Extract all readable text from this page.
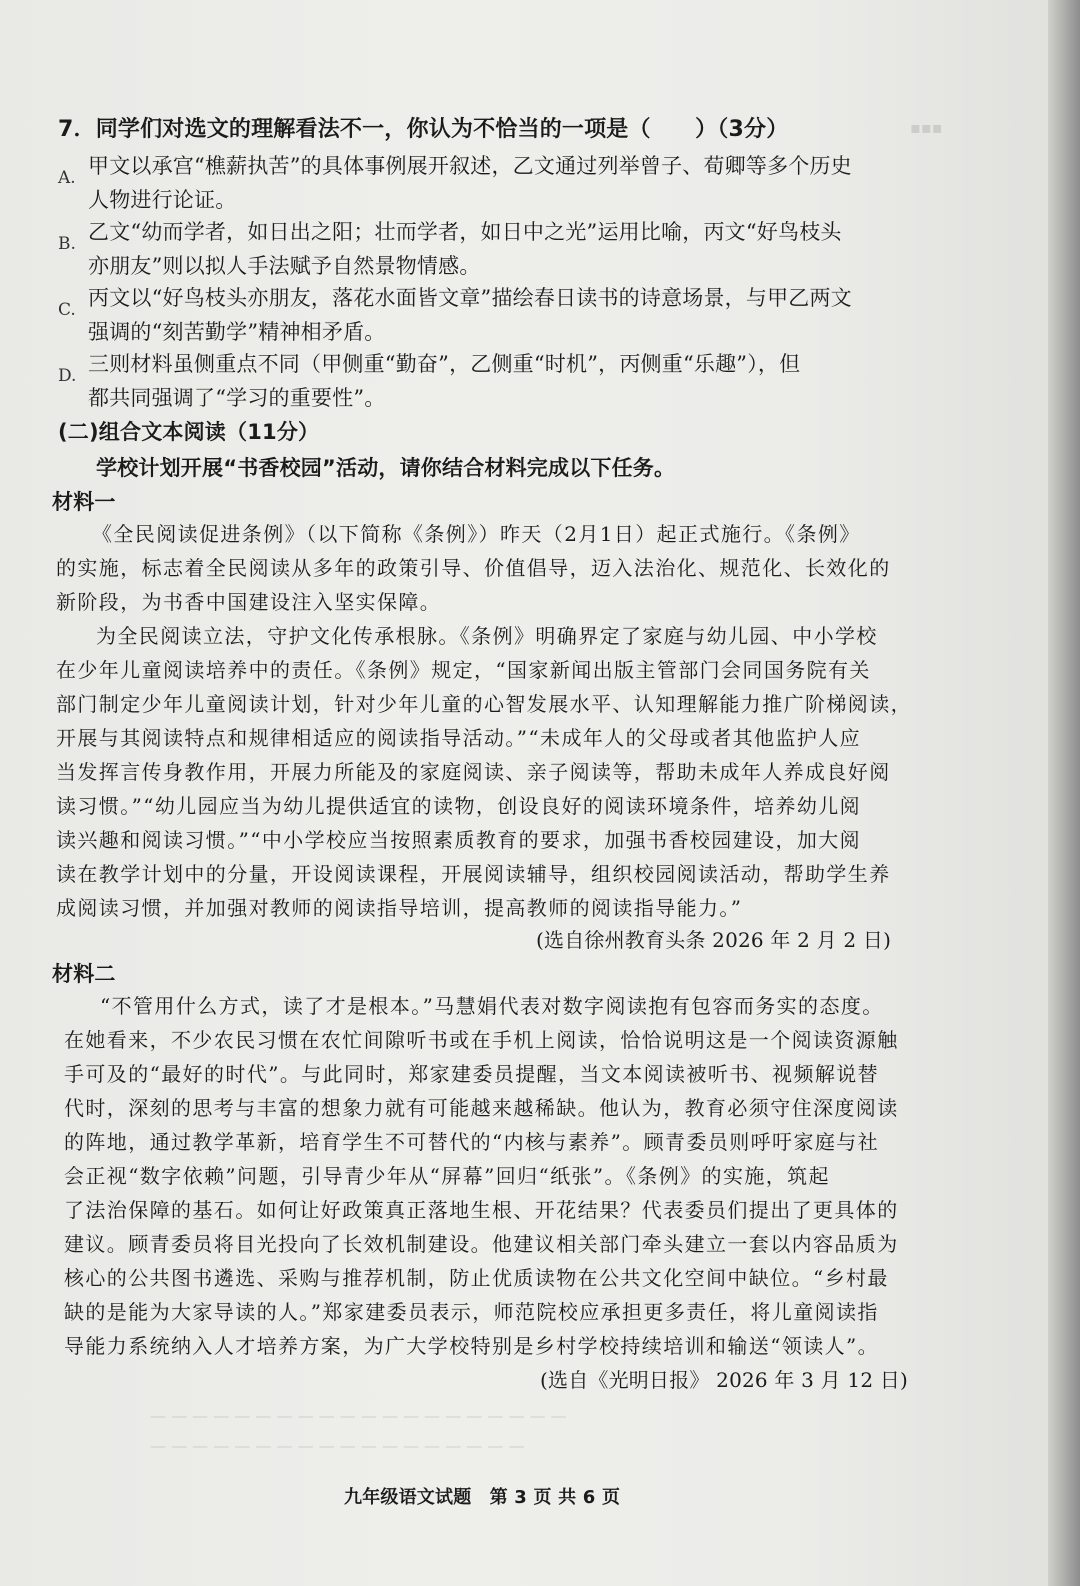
▪▪▪
7．同学们对选文的理解看法不一，你认为不恰当的一项是（　　）（3分）
A. 甲文以承宫“樵薪执苦”的具体事例展开叙述，乙文通过列举曾子、荀卿等多个历史
人物进行论证。
B. 乙文“幼而学者，如日出之阳；壮而学者，如日中之光”运用比喻，丙文“好鸟枝头
亦朋友”则以拟人手法赋予自然景物情感。
C. 丙文以“好鸟枝头亦朋友，落花水面皆文章”描绘春日读书的诗意场景，与甲乙两文
强调的“刻苦勤学”精神相矛盾。
D. 三则材料虽侧重点不同（甲侧重“勤奋”，乙侧重“时机”，丙侧重“乐趣”），但
都共同强调了“学习的重要性”。
(二)组合文本阅读（11分）
学校计划开展“书香校园”活动，请你结合材料完成以下任务。
材料一
《全民阅读促进条例》（以下简称《条例》）昨天（2月1日）起正式施行。《条例》
的实施，标志着全民阅读从多年的政策引导、价值倡导，迈入法治化、规范化、长效化的
新阶段，为书香中国建设注入坚实保障。
为全民阅读立法，守护文化传承根脉。《条例》明确界定了家庭与幼儿园、中小学校
在少年儿童阅读培养中的责任。《条例》规定，“国家新闻出版主管部门会同国务院有关
部门制定少年儿童阅读计划，针对少年儿童的心智发展水平、认知理解能力推广阶梯阅读，
开展与其阅读特点和规律相适应的阅读指导活动。”“未成年人的父母或者其他监护人应
当发挥言传身教作用，开展力所能及的家庭阅读、亲子阅读等，帮助未成年人养成良好阅
读习惯。”“幼儿园应当为幼儿提供适宜的读物，创设良好的阅读环境条件，培养幼儿阅
读兴趣和阅读习惯。”“中小学校应当按照素质教育的要求，加强书香校园建设，加大阅
读在教学计划中的分量，开设阅读课程，开展阅读辅导，组织校园阅读活动，帮助学生养
成阅读习惯，并加强对教师的阅读指导培训，提高教师的阅读指导能力。”
(选自徐州教育头条 2026 年 2 月 2 日)
材料二
“不管用什么方式，读了才是根本。”马慧娟代表对数字阅读抱有包容而务实的态度。
在她看来，不少农民习惯在农忙间隙听书或在手机上阅读，恰恰说明这是一个阅读资源触
手可及的“最好的时代”。与此同时，郑家建委员提醒，当文本阅读被听书、视频解说替
代时，深刻的思考与丰富的想象力就有可能越来越稀缺。他认为，教育必须守住深度阅读
的阵地，通过教学革新，培育学生不可替代的“内核与素养”。顾青委员则呼吁家庭与社
会正视“数字依赖”问题，引导青少年从“屏幕”回归“纸张”。《条例》的实施，筑起
了法治保障的基石。如何让好政策真正落地生根、开花结果？代表委员们提出了更具体的
建议。顾青委员将目光投向了长效机制建设。他建议相关部门牵头建立一套以内容品质为
核心的公共图书遴选、采购与推荐机制，防止优质读物在公共文化空间中缺位。“乡村最
缺的是能为大家导读的人。”郑家建委员表示，师范院校应承担更多责任，将儿童阅读指
导能力系统纳入人才培养方案，为广大学校特别是乡村学校持续培训和输送“领读人”。
(选自《光明日报》 2026 年 3 月 12 日)
— — — — — — — — — — — — — — — — — — — —
— — — — — — — — — — — — — — — — — —
九年级语文试题　第 3 页 共 6 页
